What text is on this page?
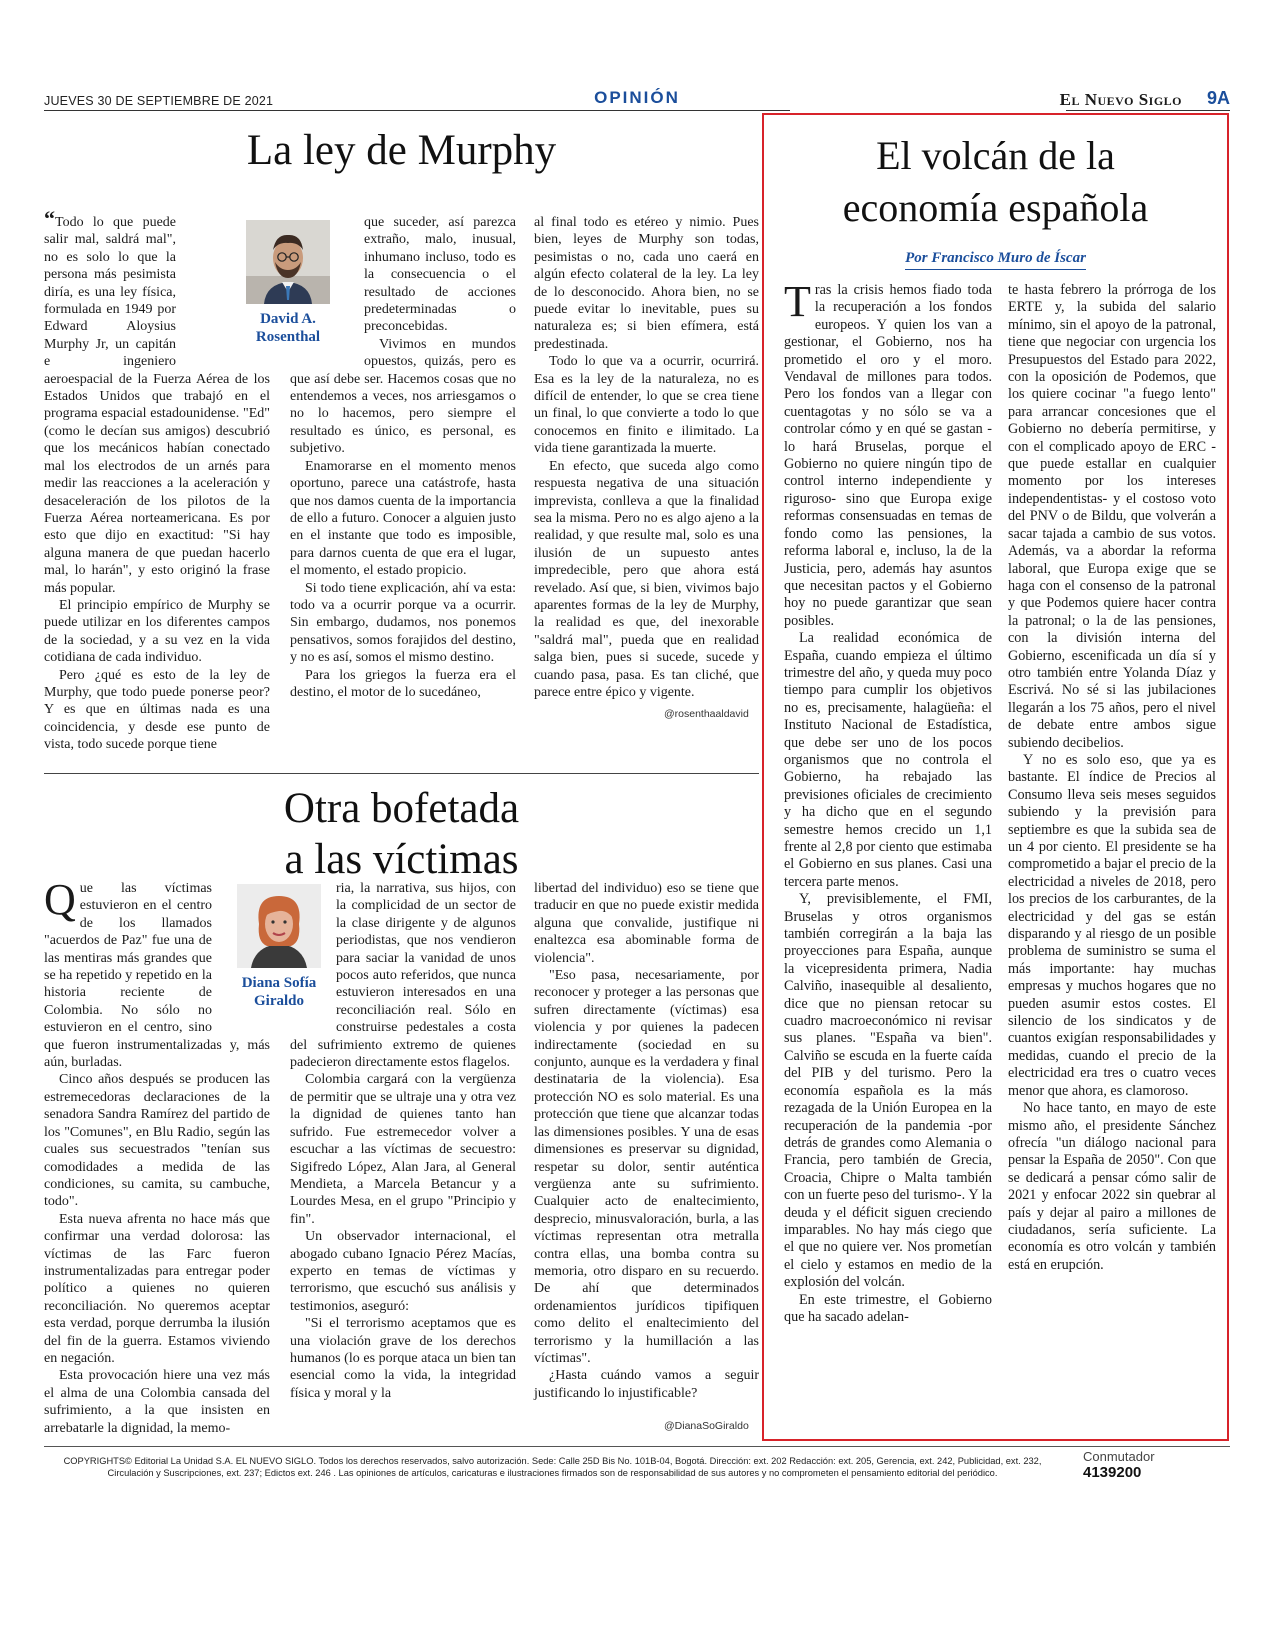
JUEVES 30 DE SEPTIEMBRE DE 2021	OPINIÓN	El Nuevo Siglo 9A
La ley de Murphy

“Todo lo que puede salir mal, saldrá mal", no es solo lo que la persona más pesimista diría, es una ley física, formulada en 1949 por Edward Aloysius Murphy Jr, un capitán e ingeniero aeroespacial de la Fuerza Aérea de los Estados Unidos que trabajó en el programa espacial estadounidense. "Ed" (como le decían sus amigos) descubrió que los mecánicos habían conectado mal los electrodos de un arnés para medir las reacciones a la aceleración y desaceleración de los pilotos de la Fuerza Aérea norteamericana. Es por esto que dijo en exactitud: "Si hay alguna manera de que puedan hacerlo mal, lo harán", y esto originó la frase más popular.

El principio empírico de Murphy se puede utilizar en los diferentes campos de la sociedad, y a su vez en la vida cotidiana de cada individuo.

Pero ¿qué es esto de la ley de Murphy, que todo puede ponerse peor? Y es que en últimas nada es una coincidencia, y desde ese punto de vista, todo sucede porque tiene

David A.
Rosenthal

que suceder, así parezca extraño, malo, inusual, inhumano incluso, todo es la consecuencia o el resultado de acciones predeterminadas o preconcebidas.

Vivimos en mundos opuestos, quizás, pero es que así debe ser. Hacemos cosas que no entendemos a veces, nos arriesgamos o no lo hacemos, pero siempre el resultado es único, es personal, es subjetivo.

Enamorarse en el momento menos oportuno, parece una catástrofe, hasta que nos damos cuenta de la importancia de ello a futuro. Conocer a alguien justo en el instante que todo es imposible, para darnos cuenta de que era el lugar, el momento, el estado propicio.

Si todo tiene explicación, ahí va esta: todo va a ocurrir porque va a ocurrir. Sin embargo, dudamos, nos ponemos pensativos, somos forajidos del destino, y no es así, somos el mismo destino.

Para los griegos la fuerza era el destino, el motor de lo sucedáneo,

al final todo es etéreo y nimio. Pues bien, leyes de Murphy son todas, pesimistas o no, cada uno caerá en algún efecto colateral de la ley. La ley de lo desconocido. Ahora bien, no se puede evitar lo inevitable, pues su naturaleza es; si bien efímera, está predestinada.

Todo lo que va a ocurrir, ocurrirá. Esa es la ley de la naturaleza, no es difícil de entender, lo que se crea tiene un final, lo que convierte a todo lo que conocemos en finito e ilimitado. La vida tiene garantizada la muerte.

En efecto, que suceda algo como respuesta negativa de una situación imprevista, conlleva a que la finalidad sea la misma. Pero no es algo ajeno a la realidad, y que resulte mal, solo es una ilusión de un supuesto antes impredecible, pero que ahora está revelado. Así que, si bien, vivimos bajo aparentes formas de la ley de Murphy, la realidad es que, del inexorable "saldrá mal", pueda que en realidad salga bien, pues si sucede, sucede y cuando pasa, pasa. Es tan cliché, que parece entre épico y vigente.

@rosenthaaldavid
Otra bofetada
a las víctimas

Que las víctimas estuvieron en el centro de los llamados "acuerdos de Paz" fue una de las mentiras más grandes que se ha repetido y repetido en la historia reciente de Colombia. No sólo no estuvieron en el centro, sino que fueron instrumentalizadas y, más aún, burladas.

Cinco años después se producen las estremecedoras declaraciones de la senadora Sandra Ramírez del partido de los "Comunes", en Blu Radio, según las cuales sus secuestrados "tenían sus comodidades a medida de las condiciones, su camita, su cambuche, todo".

Esta nueva afrenta no hace más que confirmar una verdad dolorosa: las víctimas de las Farc fueron instrumentalizadas para entregar poder político a quienes no quieren reconciliación. No queremos aceptar esta verdad, porque derrumba la ilusión del fin de la guerra. Estamos viviendo en negación.

Esta provocación hiere una vez más el alma de una Colombia cansada del sufrimiento, a la que insisten en arrebatarle la dignidad, la memo-

Diana Sofía
Giraldo

ria, la narrativa, sus hijos, con la complicidad de un sector de la clase dirigente y de algunos periodistas, que nos vendieron para saciar la vanidad de unos pocos auto referidos, que nunca estuvieron interesados en una reconciliación real. Sólo en construirse pedestales a costa del sufrimiento extremo de quienes padecieron directamente estos flagelos.

Colombia cargará con la vergüenza de permitir que se ultraje una y otra vez la dignidad de quienes tanto han sufrido. Fue estremecedor volver a escuchar a las víctimas de secuestro: Sigifredo López, Alan Jara, al General Mendieta, a Marcela Betancur y a Lourdes Mesa, en el grupo "Principio y fin".

Un observador internacional, el abogado cubano Ignacio Pérez Macías, experto en temas de víctimas y terrorismo, que escuchó sus análisis y testimonios, aseguró:

"Si el terrorismo aceptamos que es una violación grave de los derechos humanos (lo es porque ataca un bien tan esencial como la vida, la integridad física y moral y la

libertad del individuo) eso se tiene que traducir en que no puede existir medida alguna que convalide, justifique ni enaltezca esa abominable forma de violencia".

"Eso pasa, necesariamente, por reconocer y proteger a las personas que sufren directamente (víctimas) esa violencia y por quienes la padecen indirectamente (sociedad en su conjunto, aunque es la verdadera y final destinataria de la violencia). Esa protección NO es solo material. Es una protección que tiene que alcanzar todas las dimensiones posibles. Y una de esas dimensiones es preservar su dignidad, respetar su dolor, sentir auténtica vergüenza ante su sufrimiento. Cualquier acto de enaltecimiento, desprecio, minusvaloración, burla, a las víctimas representan otra metralla contra ellas, una bomba contra su memoria, otro disparo en su recuerdo. De ahí que determinados ordenamientos jurídicos tipifiquen como delito el enaltecimiento del terrorismo y la humillación a las víctimas".

¿Hasta cuándo vamos a seguir justificando lo injustificable?

@DianaSoGiraldo
El volcán de la
economía española
Por Francisco Muro de Íscar

Tras la crisis hemos fiado toda la recuperación a los fondos europeos. Y quien los van a gestionar, el Gobierno, nos ha prometido el oro y el moro. Vendaval de millones para todos. Pero los fondos van a llegar con cuentagotas y no sólo se va a controlar cómo y en qué se gastan -lo hará Bruselas, porque el Gobierno no quiere ningún tipo de control interno independiente y riguroso- sino que Europa exige reformas consensuadas en temas de fondo como las pensiones, la reforma laboral e, incluso, la de la Justicia, pero, además hay asuntos que necesitan pactos y el Gobierno hoy no puede garantizar que sean posibles.

La realidad económica de España, cuando empieza el último trimestre del año, y queda muy poco tiempo para cumplir los objetivos no es, precisamente, halagüeña: el Instituto Nacional de Estadística, que debe ser uno de los pocos organismos que no controla el Gobierno, ha rebajado las previsiones oficiales de crecimiento y ha dicho que en el segundo semestre hemos crecido un 1,1 frente al 2,8 por ciento que estimaba el Gobierno en sus planes. Casi una tercera parte menos.

Y, previsiblemente, el FMI, Bruselas y otros organismos también corregirán a la baja las proyecciones para España, aunque la vicepresidenta primera, Nadia Calviño, inasequible al desaliento, dice que no piensan retocar su cuadro macroeconómico ni revisar sus planes. "España va bien". Calviño se escuda en la fuerte caída del PIB y del turismo. Pero la economía española es la más rezagada de la Unión Europea en la recuperación de la pandemia -por detrás de grandes como Alemania o Francia, pero también de Grecia, Croacia, Chipre o Malta también con un fuerte peso del turismo-. Y la deuda y el déficit siguen creciendo imparables. No hay más ciego que el que no quiere ver. Nos prometían el cielo y estamos en medio de la explosión del volcán.

En este trimestre, el Gobierno que ha sacado adelan-

te hasta febrero la prórroga de los ERTE y, la subida del salario mínimo, sin el apoyo de la patronal, tiene que negociar con urgencia los Presupuestos del Estado para 2022, con la oposición de Podemos, que los quiere cocinar "a fuego lento" para arrancar concesiones que el Gobierno no debería permitirse, y con el complicado apoyo de ERC -que puede estallar en cualquier momento por los intereses independentistas- y el costoso voto del PNV o de Bildu, que volverán a sacar tajada a cambio de sus votos. Además, va a abordar la reforma laboral, que Europa exige que se haga con el consenso de la patronal y que Podemos quiere hacer contra la patronal; o la de las pensiones, con la división interna del Gobierno, escenificada un día sí y otro también entre Yolanda Díaz y Escrivá. No sé si las jubilaciones llegarán a los 75 años, pero el nivel de debate entre ambos sigue subiendo decibelios.

Y no es solo eso, que ya es bastante. El índice de Precios al Consumo lleva seis meses seguidos subiendo y la previsión para septiembre es que la subida sea de un 4 por ciento. El presidente se ha comprometido a bajar el precio de la electricidad a niveles de 2018, pero los precios de los carburantes, de la electricidad y del gas se están disparando y al riesgo de un posible problema de suministro se suma el más importante: hay muchas empresas y muchos hogares que no pueden asumir estos costes. El silencio de los sindicatos y de cuantos exigían responsabilidades y medidas, cuando el precio de la electricidad era tres o cuatro veces menor que ahora, es clamoroso.

No hace tanto, en mayo de este mismo año, el presidente Sánchez ofrecía "un diálogo nacional para pensar la España de 2050". Con que se dedicará a pensar cómo salir de 2021 y enfocar 2022 sin quebrar al país y dejar al pairo a millones de ciudadanos, sería suficiente. La economía es otro volcán y también está en erupción.

COPYRIGHTS© Editorial La Unidad S.A. EL NUEVO SIGLO. Todos los derechos reservados, salvo autorización. Sede: Calle 25D Bis No. 101B-04, Bogotá. Dirección: ext. 202 Redacción: ext. 205, Gerencia, ext. 242, Publicidad, ext. 232,
Circulación y Suscripciones, ext. 237; Edictos ext. 246 . Las opiniones de artículos, caricaturas e ilustraciones firmados son de responsabilidad de sus autores y no comprometen el pensamiento editorial del periódico.
Conmutador
4139200
